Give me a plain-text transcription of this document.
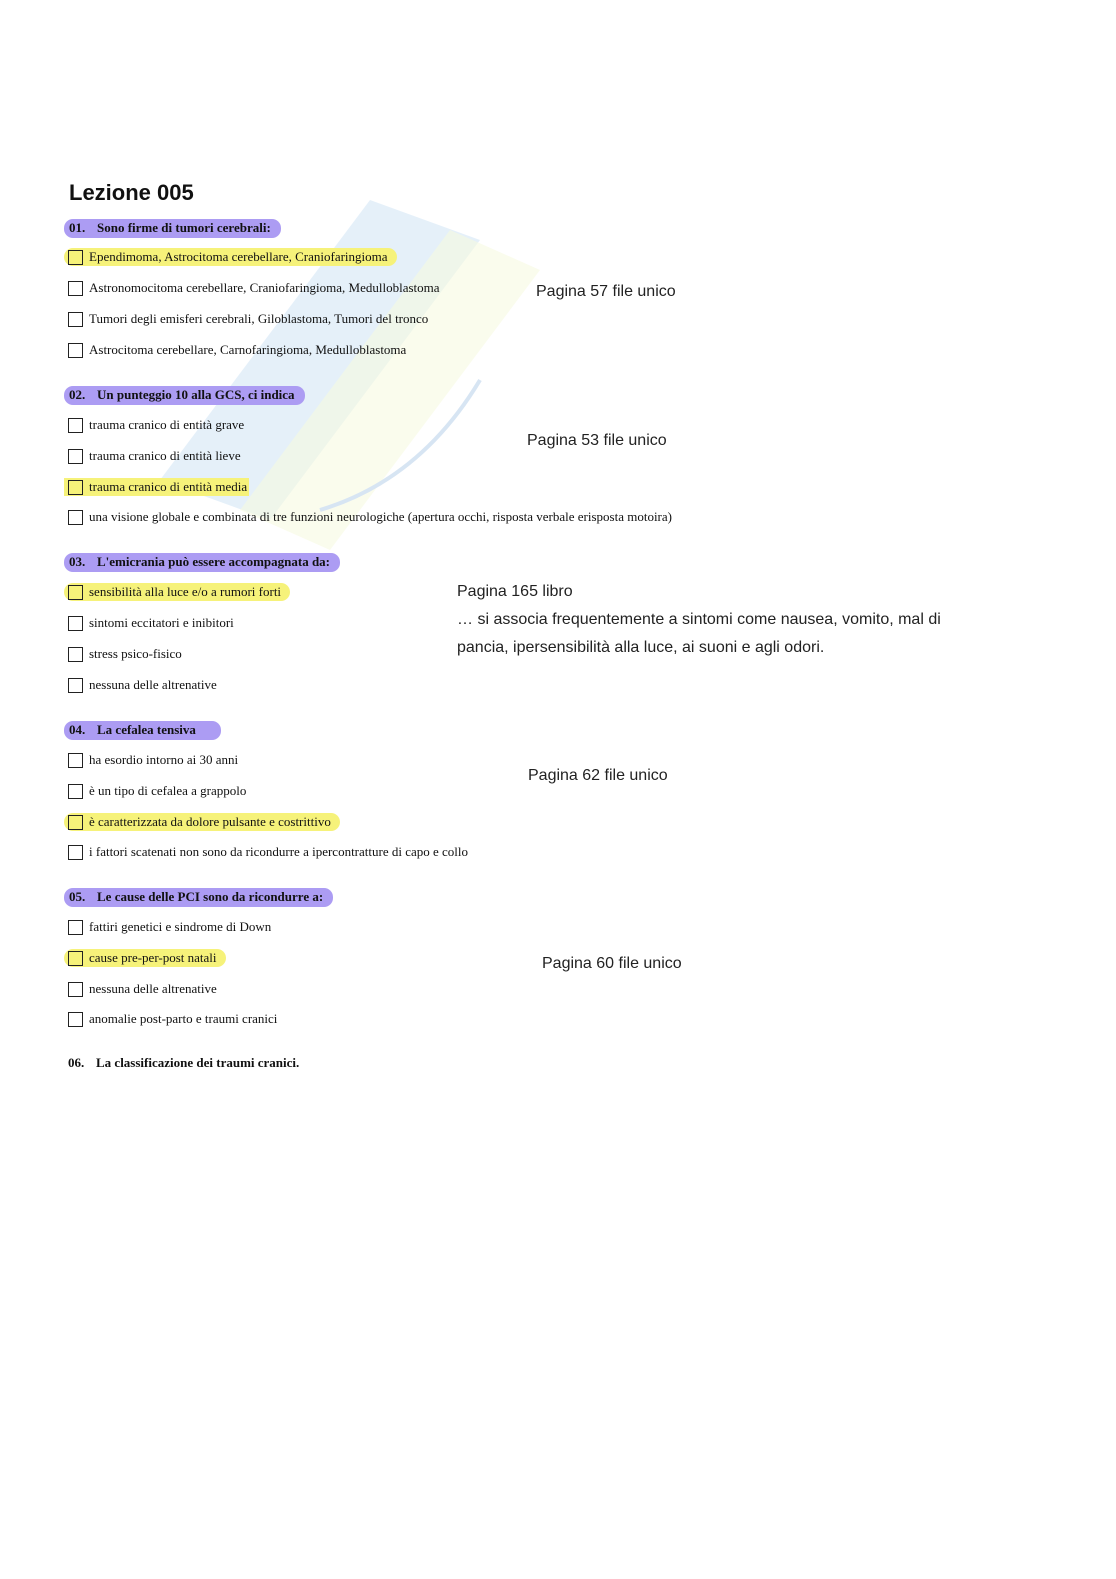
Lezione 005
01. Sono firme di tumori cerebrali:
Ependimoma, Astrocitoma cerebellare, Craniofaringioma
Astronomocitoma cerebellare, Craniofaringioma, Medulloblastoma
Tumori degli emisferi cerebrali, Giloblastoma, Tumori del tronco
Astrocitoma cerebellare, Carnofaringioma, Medulloblastoma
Pagina 57 file unico
02. Un punteggio 10 alla GCS, ci indica
trauma cranico di entità grave
trauma cranico di entità lieve
trauma cranico di entità media
una visione globale e combinata di tre funzioni neurologiche (apertura occhi, risposta verbale erisposta motoira)
Pagina 53 file unico
03. L'emicrania può essere accompagnata da:
sensibilità alla luce e/o a rumori forti
sintomi eccitatori e inibitori
stress psico-fisico
nessuna delle altrenative
Pagina 165 libro
… si associa frequentemente a sintomi come nausea, vomito, mal di pancia, ipersensibilità alla luce, ai suoni e agli odori.
04. La cefalea tensiva
ha esordio intorno ai 30 anni
è un tipo di cefalea a grappolo
è caratterizzata da dolore pulsante e costrittivo
i fattori scatenati non sono da ricondurre a ipercontratture di capo e collo
Pagina 62 file unico
05. Le cause delle PCI sono da ricondurre a:
fattiri genetici e sindrome di Down
cause pre-per-post natali
nessuna delle altrenative
anomalie post-parto e traumi cranici
Pagina 60 file unico
06. La classificazione dei traumi cranici.
